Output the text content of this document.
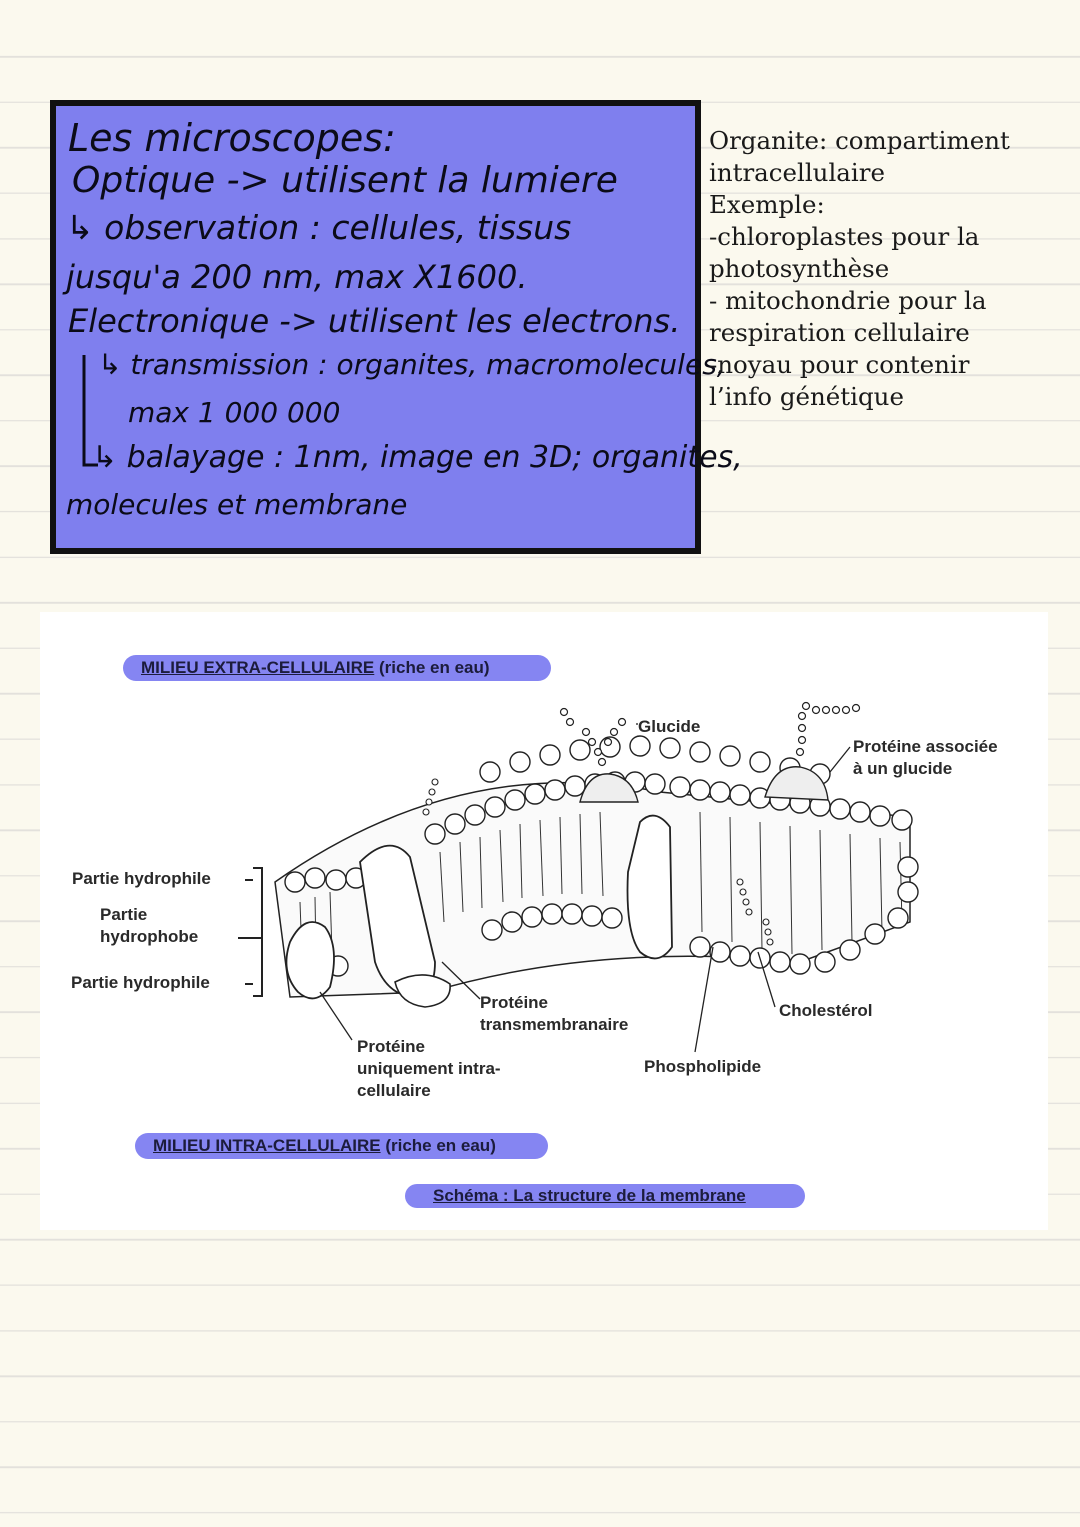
Les microscopes:
Optique -> utilisent la lumiere
↳ observation : cellules, tissus
jusqu'a 200 nm, max X1600.
Electronique -> utilisent les electrons.
↳ transmission : organites, macromolecules,
max 1 000 000
↳ balayage : 1nm, image en 3D; organites,
molecules et membrane
Organite: compartiment
intracellulaire
Exemple:
-chloroplastes pour la
photosynthèse
- mitochondrie pour la
respiration cellulaire
-noyau pour contenir
l’info génétique
MILIEU EXTRA-CELLULAIRE (riche en eau)
Glucide
Protéine associée
à un glucide
Partie hydrophile
Partie
hydrophobe
Partie hydrophile
Protéine
transmembranaire
Protéine
uniquement intra-
cellulaire
Phospholipide
Cholestérol
MILIEU INTRA-CELLULAIRE (riche en eau)
Schéma : La structure de la membrane
